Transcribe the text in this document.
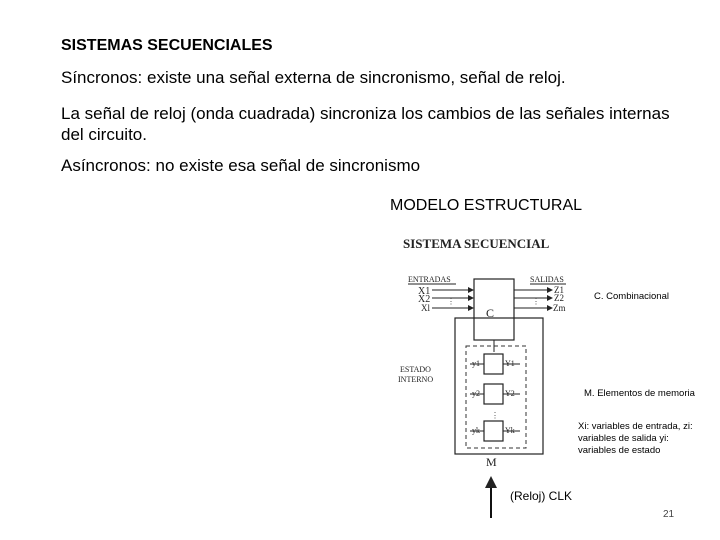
SISTEMAS SECUENCIALES

Síncronos: existe una señal externa de sincronismo, señal de reloj.

La señal de reloj (onda cuadrada) sincroniza los cambios de las señales internas del circuito.

Asíncronos: no existe esa señal de sincronismo

MODELO ESTRUCTURAL

SISTEMA SECUENCIAL
ENTRADAS	SALIDAS
X1
X2
Xl
⋮
C
⋮
Z1
Z2
Zm
⋮
y1
y2
yk
Y1
Y2
Yk
ESTADO
INTERNO
M
C. Combinacional
M. Elementos de memoria
Xi: variables de entrada, zi: variables de salida yi: variables de estado
(Reloj) CLK
21
